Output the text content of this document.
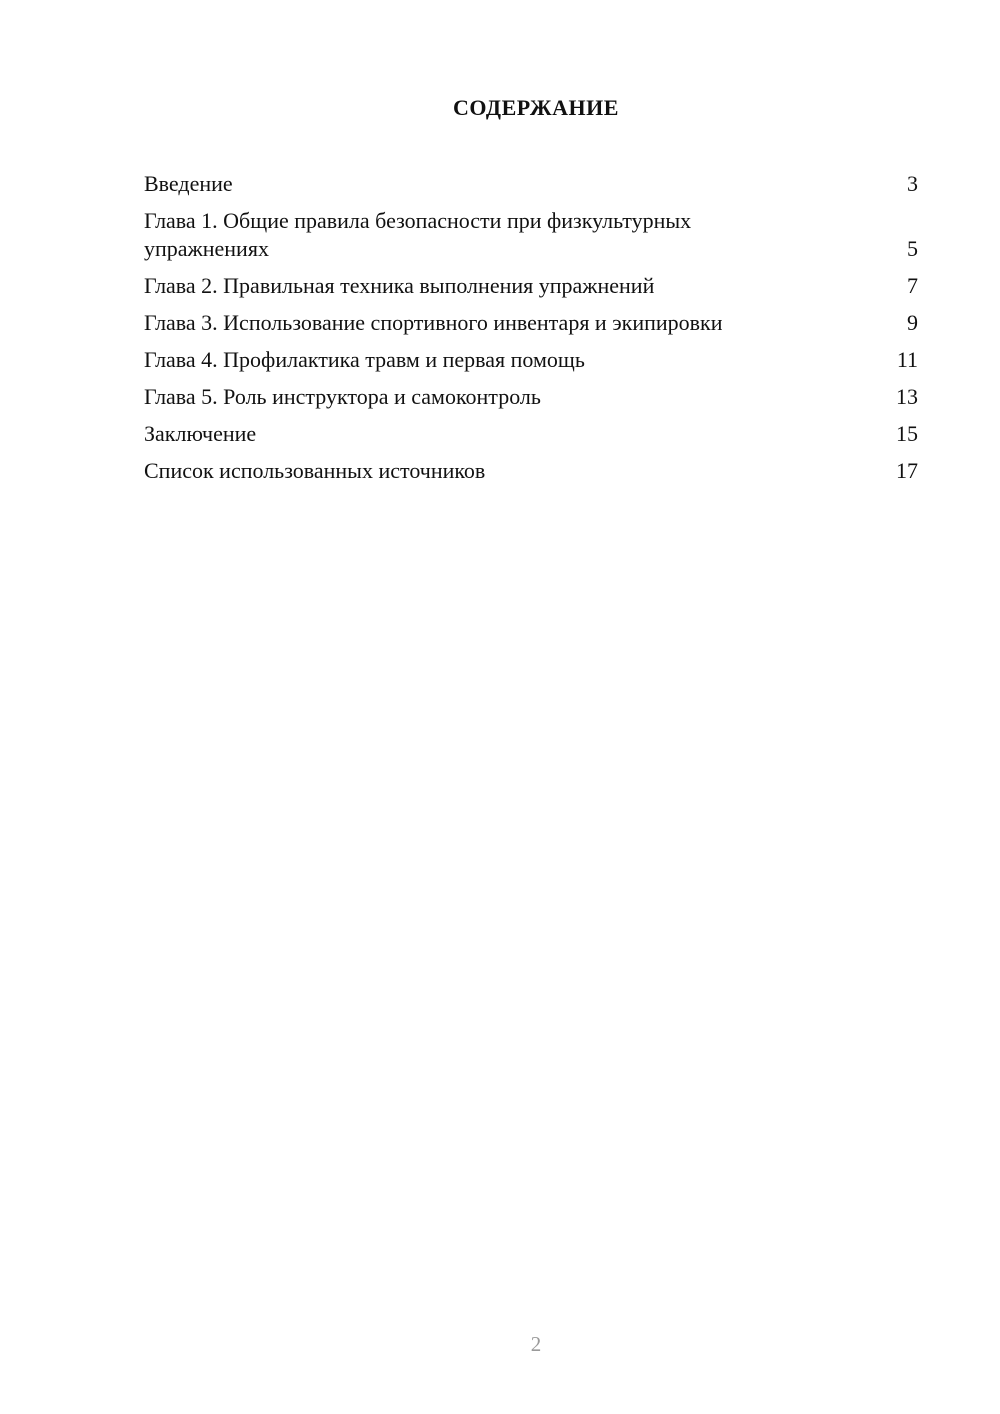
СОДЕРЖАНИЕ
Введение	3
Глава 1. Общие правила безопасности при физкультурных упражнениях	5
Глава 2. Правильная техника выполнения упражнений	7
Глава 3. Использование спортивного инвентаря и экипировки	9
Глава 4. Профилактика травм и первая помощь	11
Глава 5. Роль инструктора и самоконтроль	13
Заключение	15
Список использованных источников	17
2
